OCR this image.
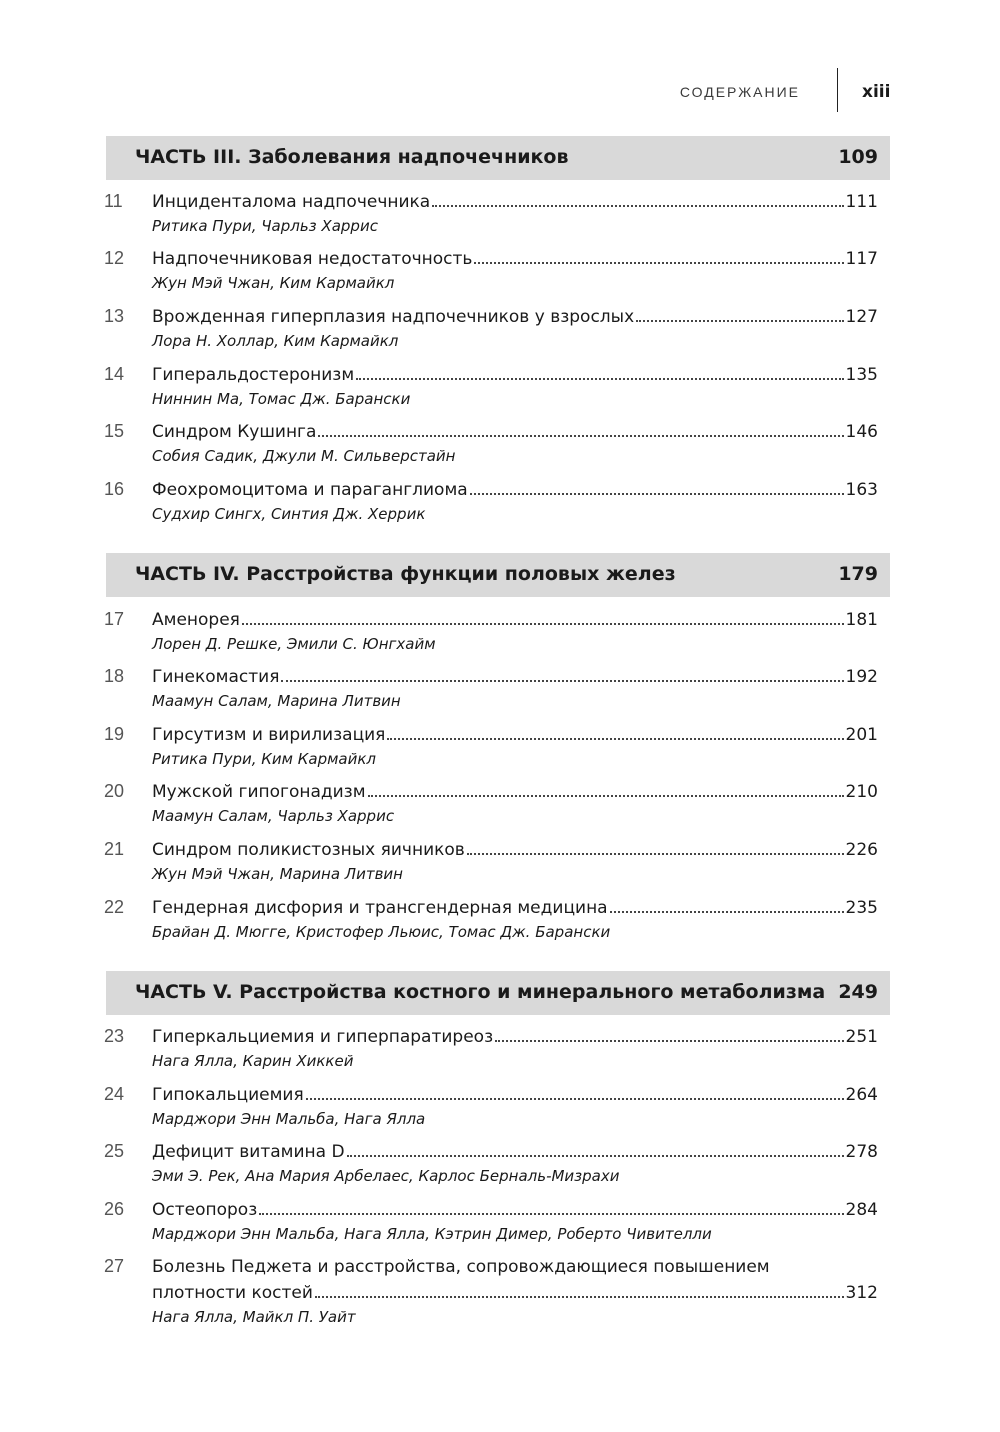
СОДЕРЖАНИЕ	xiii
ЧАСТЬ III. Заболевания надпочечников	109
11	Инциденталома надпочечника	111
Ритика Пури, Чарльз Харрис
12	Надпочечниковая недостаточность	117
Жун Мэй Чжан, Ким Кармайкл
13	Врожденная гиперплазия надпочечников у взрослых	127
Лора Н. Холлар, Ким Кармайкл
14	Гиперальдостеронизм	135
Ниннин Ма, Томас Дж. Барански
15	Синдром Кушинга	146
Собия Садик, Джули М. Сильверстайн
16	Феохромоцитома и параганглиома	163
Судхир Сингх, Синтия Дж. Херрик
ЧАСТЬ IV. Расстройства функции половых желез	179
17	Аменорея	181
Лорен Д. Решке, Эмили С. Юнгхайм
18	Гинекомастия	192
Маамун Салам, Марина Литвин
19	Гирсутизм и вирилизация	201
Ритика Пури, Ким Кармайкл
20	Мужской гипогонадизм	210
Маамун Салам, Чарльз Харрис
21	Синдром поликистозных яичников	226
Жун Мэй Чжан, Марина Литвин
22	Гендерная дисфория и трансгендерная медицина	235
Брайан Д. Мюгге, Кристофер Льюис, Томас Дж. Барански
ЧАСТЬ V. Расстройства костного и минерального метаболизма 249
23	Гиперкальциемия и гиперпаратиреоз	251
Нага Ялла, Карин Хиккей
24	Гипокальциемия	264
Марджори Энн Мальба, Нага Ялла
25	Дефицит витамина D	278
Эми Э. Рек, Ана Мария Арбелаес, Карлос Берналь-Мизрахи
26	Остеопороз	284
Марджори Энн Мальба, Нага Ялла, Кэтрин Димер, Роберто Чивителли
27	Болезнь Педжета и расстройства, сопровождающиеся повышением
плотности костей	312
Нага Ялла, Майкл П. Уайт
